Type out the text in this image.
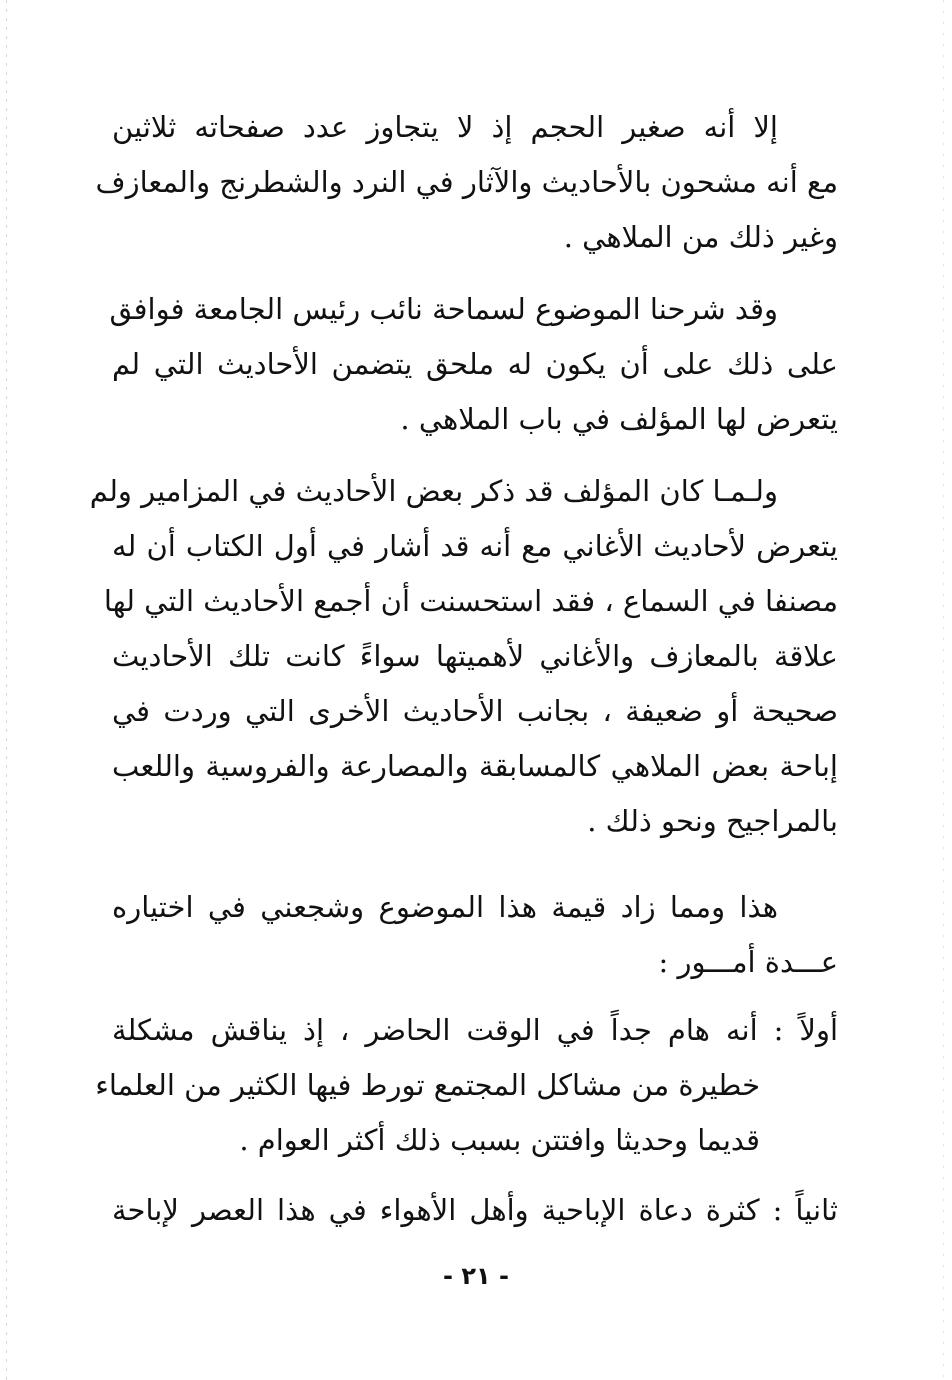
إلا أنه صغير الحجم إذ لا يتجاوز عدد صفحاته ثلاثين
مع أنه مشحون بالأحاديث والآثار في النرد والشطرنج والمعازف
وغير ذلك من الملاهي .
وقد شرحنا الموضوع لسماحة نائب رئيس الجامعة فوافق
على ذلك على أن يكون له ملحق يتضمن الأحاديث التي لم
يتعرض لها المؤلف في باب الملاهي .
ولـمـا كان المؤلف قد ذكر بعض الأحاديث في المزامير ولم
يتعرض لأحاديث الأغاني مع أنه قد أشار في أول الكتاب أن له
مصنفا في السماع ، فقد استحسنت أن أجمع الأحاديث التي لها
علاقة بالمعازف والأغاني لأهميتها سواءً كانت تلك الأحاديث
صحيحة أو ضعيفة ، بجانب الأحاديث الأخرى التي وردت في
إباحة بعض الملاهي كالمسابقة والمصارعة والفروسية واللعب
بالمراجيح ونحو ذلك .
هذا ومما زاد قيمة هذا الموضوع وشجعني في اختياره
عـــدة أمـــور :
أولاً : أنه هام جداً في الوقت الحاضر ، إذ يناقش مشكلة
خطيرة من مشاكل المجتمع تورط فيها الكثير من العلماء
قديما وحديثا وافتتن بسبب ذلك أكثر العوام .
ثانياً : كثرة دعاة الإباحية وأهل الأهواء في هذا العصر لإباحة
- ٢١ -
